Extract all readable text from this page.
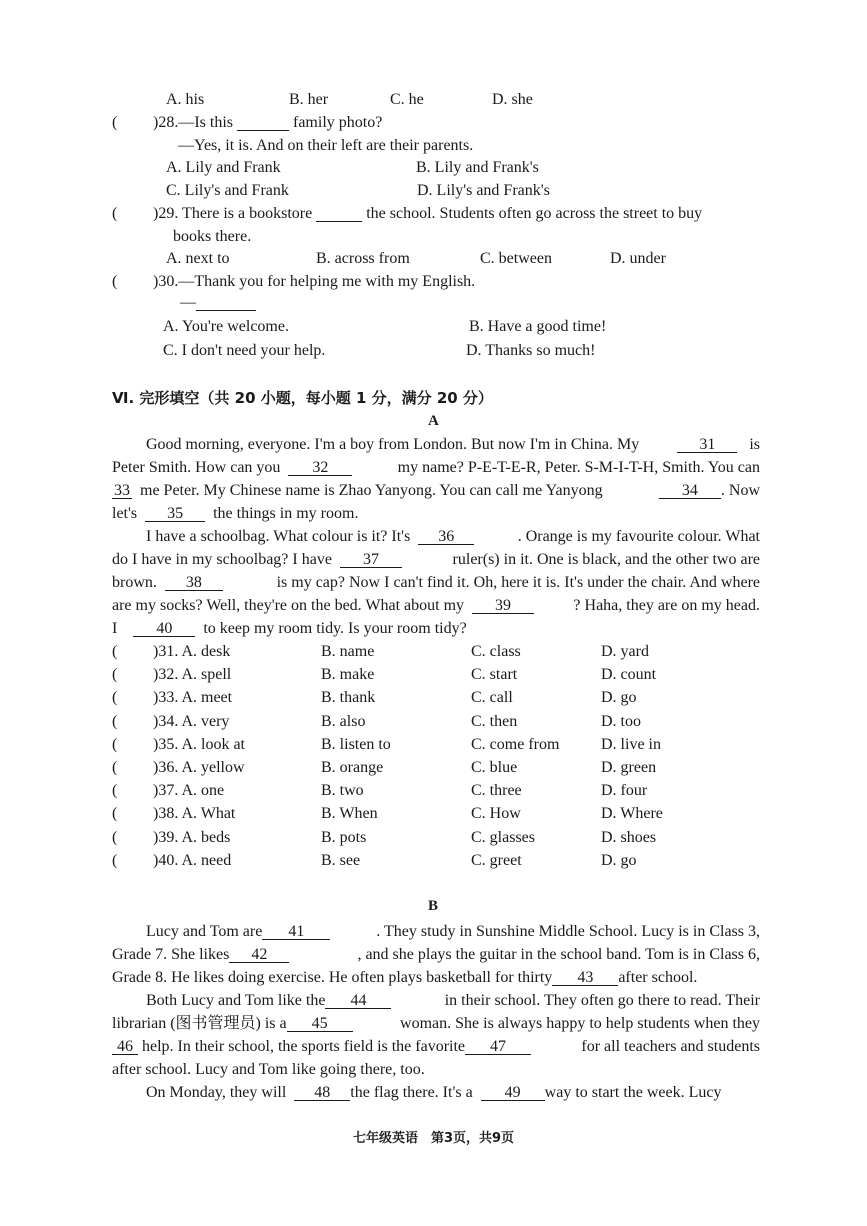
A. his	B. her	C. he	D. she
( )28.—Is this	family photo?
—Yes, it is. And on their left are their parents.
A. Lily and Frank	B. Lily and Frank's
C. Lily's and Frank	D. Lily's and Frank's
( )29. There is a bookstore	the school. Students often go across the street to buy
books there.
A. next to	B. across from	C. between	D. under
( )30.—Thank you for helping me with my English.
—
A. You're welcome.	B. Have a good time!
C. I don't need your help.	D. Thanks so much!
Ⅵ. 完形填空（共 20 小题，每小题 1 分，满分 20 分）
A
Good morning, everyone. I'm a boy from London. But now I'm in China. My	31 is
Peter Smith. How can you 32	my name? P-E-T-E-R, Peter. S-M-I-T-H, Smith. You can
33 me Peter. My Chinese name is Zhao Yanyong. You can call me Yanyong	34 . Now
let's 35 the things in my room.
I have a schoolbag. What colour is it? It's 36	. Orange is my favourite colour. What
do I have in my schoolbag? I have 37	ruler(s) in it. One is black, and the other two are
brown. 38	is my cap? Now I can't find it. Oh, here it is. It's under the chair. And where
are my socks? Well, they're on the bed. What about my 39	? Haha, they are on my head.
I 40 to keep my room tidy. Is your room tidy?
( )31. A. desk	B. name	C. class	D. yard
( )32. A. spell	B. make	C. start	D. count
( )33. A. meet	B. thank	C. call	D. go
( )34. A. very	B. also	C. then	D. too
( )35. A. look at	B. listen to	C. come from	D. live in
( )36. A. yellow	B. orange	C. blue	D. green
( )37. A. one	B. two	C. three	D. four
( )38. A. What	B. When	C. How	D. Where
( )39. A. beds	B. pots	C. glasses	D. shoes
( )40. A. need	B. see	C. greet	D. go
B
Lucy and Tom are 41	. They study in Sunshine Middle School. Lucy is in Class 3,
Grade 7. She likes 42	, and she plays the guitar in the school band. Tom is in Class 6,
Grade 8. He likes doing exercise. He often plays basketball for thirty 43 after school.
Both Lucy and Tom like the 44	in their school. They often go there to read. Their
librarian (图书管理员) is a 45	woman. She is always happy to help students when they
46 help. In their school, the sports field is the favorite 47	for all teachers and students
after school. Lucy and Tom like going there, too.
On Monday, they will 48 the flag there. It's a 49 way to start the week. Lucy
七年级英语　第3页，共9页
